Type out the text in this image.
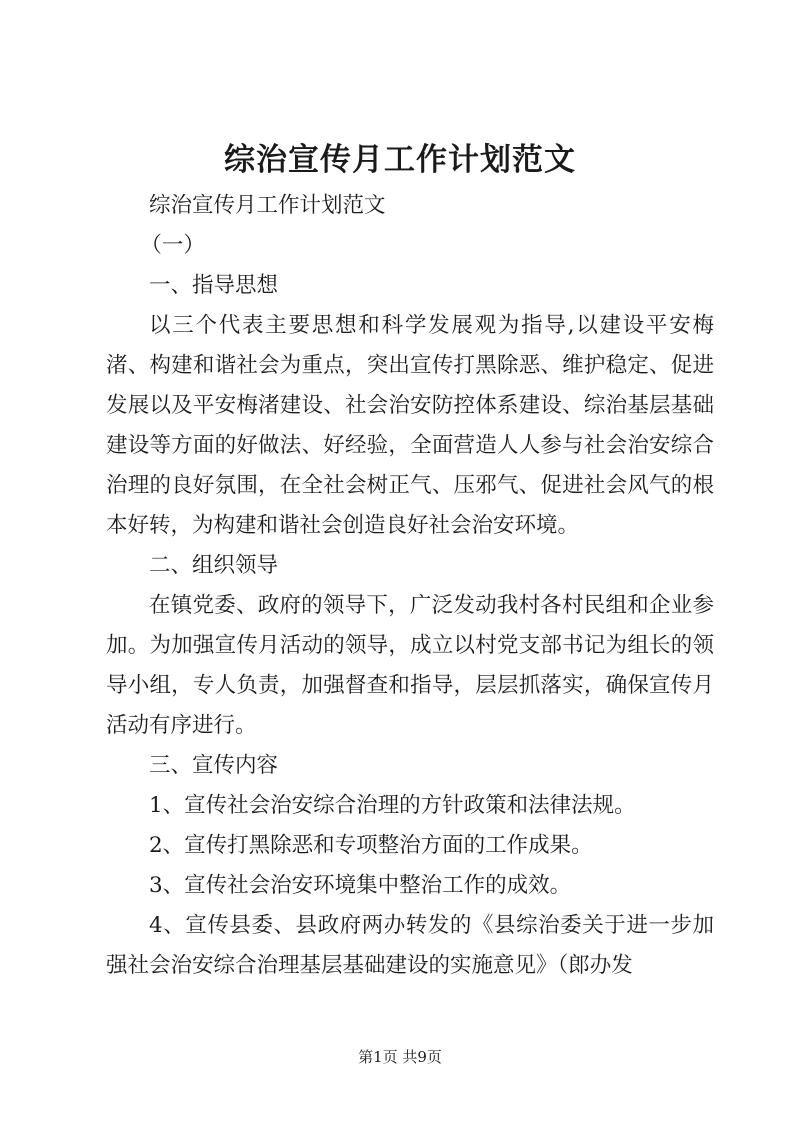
综治宣传月工作计划范文

综治宣传月工作计划范文

（一）

一、指导思想

以三个代表主要思想和科学发展观为指导,以建设平安梅渚、构建和谐社会为重点，突出宣传打黑除恶、维护稳定、促进发展以及平安梅渚建设、社会治安防控体系建设、综治基层基础建设等方面的好做法、好经验，全面营造人人参与社会治安综合治理的良好氛围，在全社会树正气、压邪气、促进社会风气的根本好转，为构建和谐社会创造良好社会治安环境。

二、组织领导

在镇党委、政府的领导下，广泛发动我村各村民组和企业参加。为加强宣传月活动的领导，成立以村党支部书记为组长的领导小组，专人负责，加强督查和指导，层层抓落实，确保宣传月活动有序进行。

三、宣传内容

1、宣传社会治安综合治理的方针政策和法律法规。

2、宣传打黑除恶和专项整治方面的工作成果。

3、宣传社会治安环境集中整治工作的成效。

4、宣传县委、县政府两办转发的《县综治委关于进一步加强社会治安综合治理基层基础建设的实施意见》（郎办发

第1页 共9页
